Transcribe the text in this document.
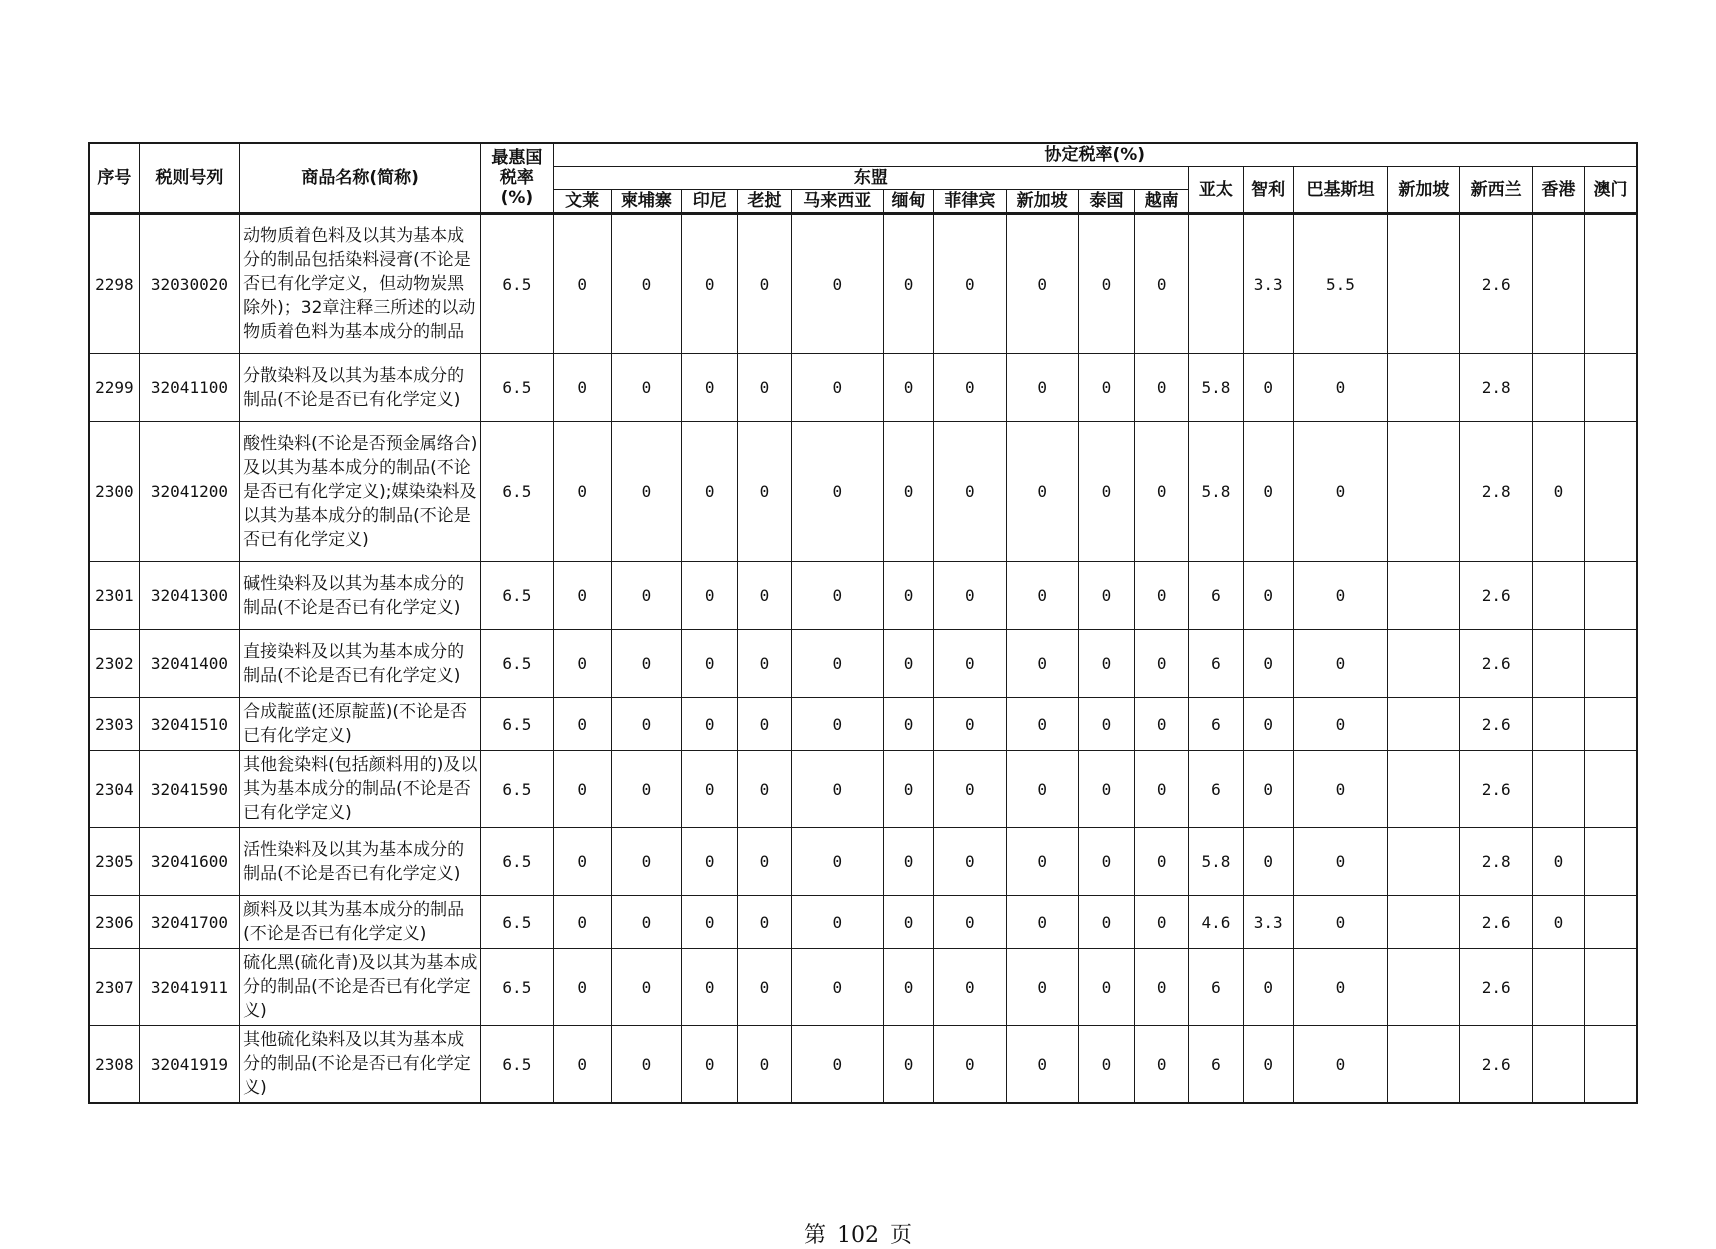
序号	税则号列	商品名称(简称)	最惠国
税率
(%)	协定税率(%)																
				东盟										亚太	智利	巴基斯坦	新加坡	新西兰	香港	澳门
				文莱	柬埔寨	印尼	老挝	马来西亚	缅甸	菲律宾	新加坡	泰国	越南							
2298	32030020	动物质着色料及以其为基本成分的制品包括染料浸膏(不论是否已有化学定义，但动物炭黑除外)；32章注释三所述的以动物质着色料为基本成分的制品	6.5	0	0	0	0	0	0	0	0	0	0		3.3	5.5		2.6		
2299	32041100	分散染料及以其为基本成分的制品(不论是否已有化学定义)	6.5	0	0	0	0	0	0	0	0	0	0	5.8	0	0		2.8		
2300	32041200	酸性染料(不论是否预金属络合)及以其为基本成分的制品(不论是否已有化学定义);媒染染料及以其为基本成分的制品(不论是否已有化学定义)	6.5	0	0	0	0	0	0	0	0	0	0	5.8	0	0		2.8	0	
2301	32041300	碱性染料及以其为基本成分的制品(不论是否已有化学定义)	6.5	0	0	0	0	0	0	0	0	0	0	6	0	0		2.6		
2302	32041400	直接染料及以其为基本成分的制品(不论是否已有化学定义)	6.5	0	0	0	0	0	0	0	0	0	0	6	0	0		2.6		
2303	32041510	合成靛蓝(还原靛蓝)(不论是否已有化学定义)	6.5	0	0	0	0	0	0	0	0	0	0	6	0	0		2.6		
2304	32041590	其他瓮染料(包括颜料用的)及以其为基本成分的制品(不论是否已有化学定义)	6.5	0	0	0	0	0	0	0	0	0	0	6	0	0		2.6		
2305	32041600	活性染料及以其为基本成分的制品(不论是否已有化学定义)	6.5	0	0	0	0	0	0	0	0	0	0	5.8	0	0		2.8	0	
2306	32041700	颜料及以其为基本成分的制品(不论是否已有化学定义)	6.5	0	0	0	0	0	0	0	0	0	0	4.6	3.3	0		2.6	0	
2307	32041911	硫化黑(硫化青)及以其为基本成分的制品(不论是否已有化学定义)	6.5	0	0	0	0	0	0	0	0	0	0	6	0	0		2.6		
2308	32041919	其他硫化染料及以其为基本成分的制品(不论是否已有化学定义)	6.5	0	0	0	0	0	0	0	0	0	0	6	0	0		2.6		
第 102 页
